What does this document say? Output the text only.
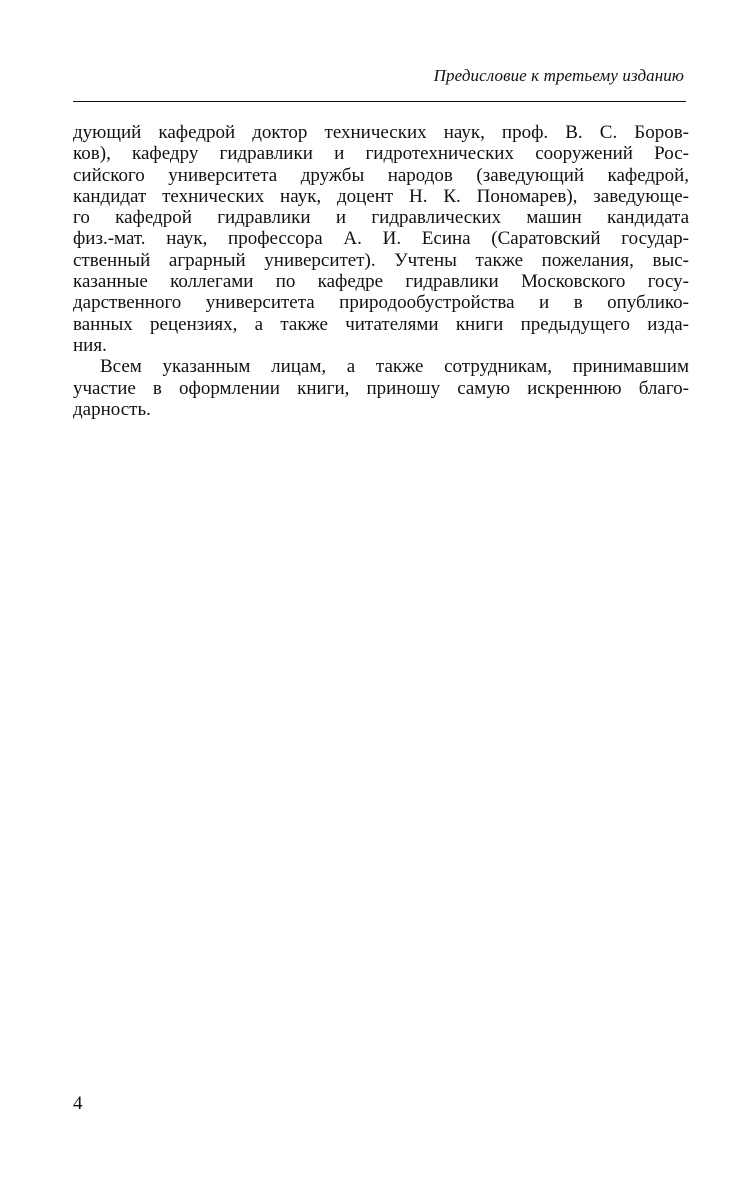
Предисловие к третьему изданию
дующий кафедрой доктор технических наук, проф. В. С. Боров-
ков), кафедру гидравлики и гидротехнических сооружений Рос-
сийского университета дружбы народов (заведующий кафедрой,
кандидат технических наук, доцент Н. К. Пономарев), заведующе-
го кафедрой гидравлики и гидравлических машин кандидата
физ.-мат. наук, профессора А. И. Есина (Саратовский государ-
ственный аграрный университет). Учтены также пожелания, выс-
казанные коллегами по кафедре гидравлики Московского госу-
дарственного университета природообустройства и в опублико-
ванных рецензиях, а также читателями книги предыдущего изда-
ния.
Всем указанным лицам, а также сотрудникам, принимавшим
участие в оформлении книги, приношу самую искреннюю благо-
дарность.
4
